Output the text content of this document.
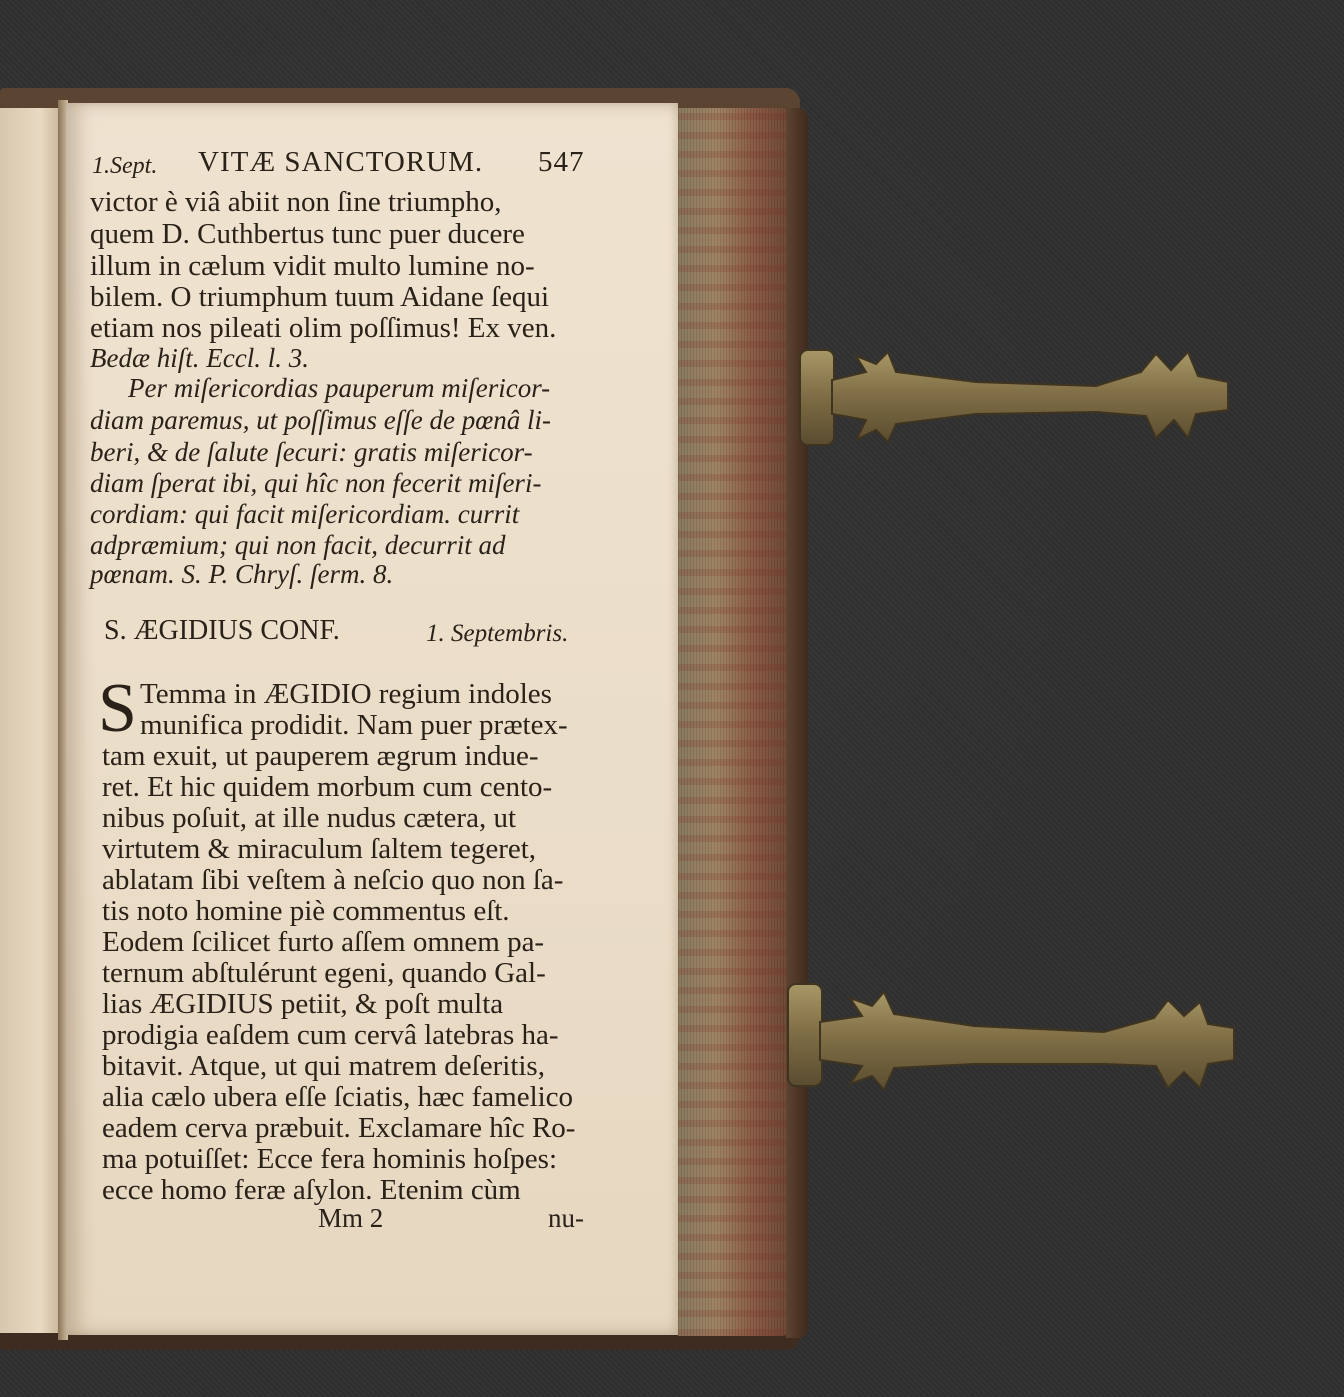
1.Sept. VITÆ SANCTORUM. 547
victor è viâ abiit non ſine triumpho,
quem D. Cuthbertus tunc puer ducere
illum in cælum vidit multo lumine no-
bilem. O triumphum tuum Aidane ſequi
etiam nos pileati olim poſſimus! Ex ven.
Bedæ hiſt. Eccl. l. 3.
Per miſericordias pauperum miſericor-
diam paremus, ut poſſimus eſſe de pœnâ li-
beri, & de ſalute ſecuri: gratis miſericor-
diam ſperat ibi, qui hîc non fecerit miſeri-
cordiam: qui facit miſericordiam. currit
adpræmium; qui non facit, decurrit ad
pœnam. S. P. Chryſ. ſerm. 8.
S. ÆGIDIUS CONF.	1. Septembris.
S Temma in ÆGIDIO regium indoles
munifica prodidit. Nam puer prætex-
tam exuit, ut pauperem ægrum indue-
ret. Et hic quidem morbum cum cento-
nibus poſuit, at ille nudus cætera, ut
virtutem & miraculum ſaltem tegeret,
ablatam ſibi veſtem à neſcio quo non ſa-
tis noto homine piè commentus eſt.
Eodem ſcilicet furto aſſem omnem pa-
ternum abſtulérunt egeni, quando Gal-
lias ÆGIDIUS petiit, & poſt multa
prodigia eaſdem cum cervâ latebras ha-
bitavit. Atque, ut qui matrem deſeritis,
alia cælo ubera eſſe ſciatis, hæc famelico
eadem cerva præbuit. Exclamare hîc Ro-
ma potuiſſet: Ecce fera hominis hoſpes:
ecce homo feræ aſylon. Etenim cùm
Mm 2	nu-
